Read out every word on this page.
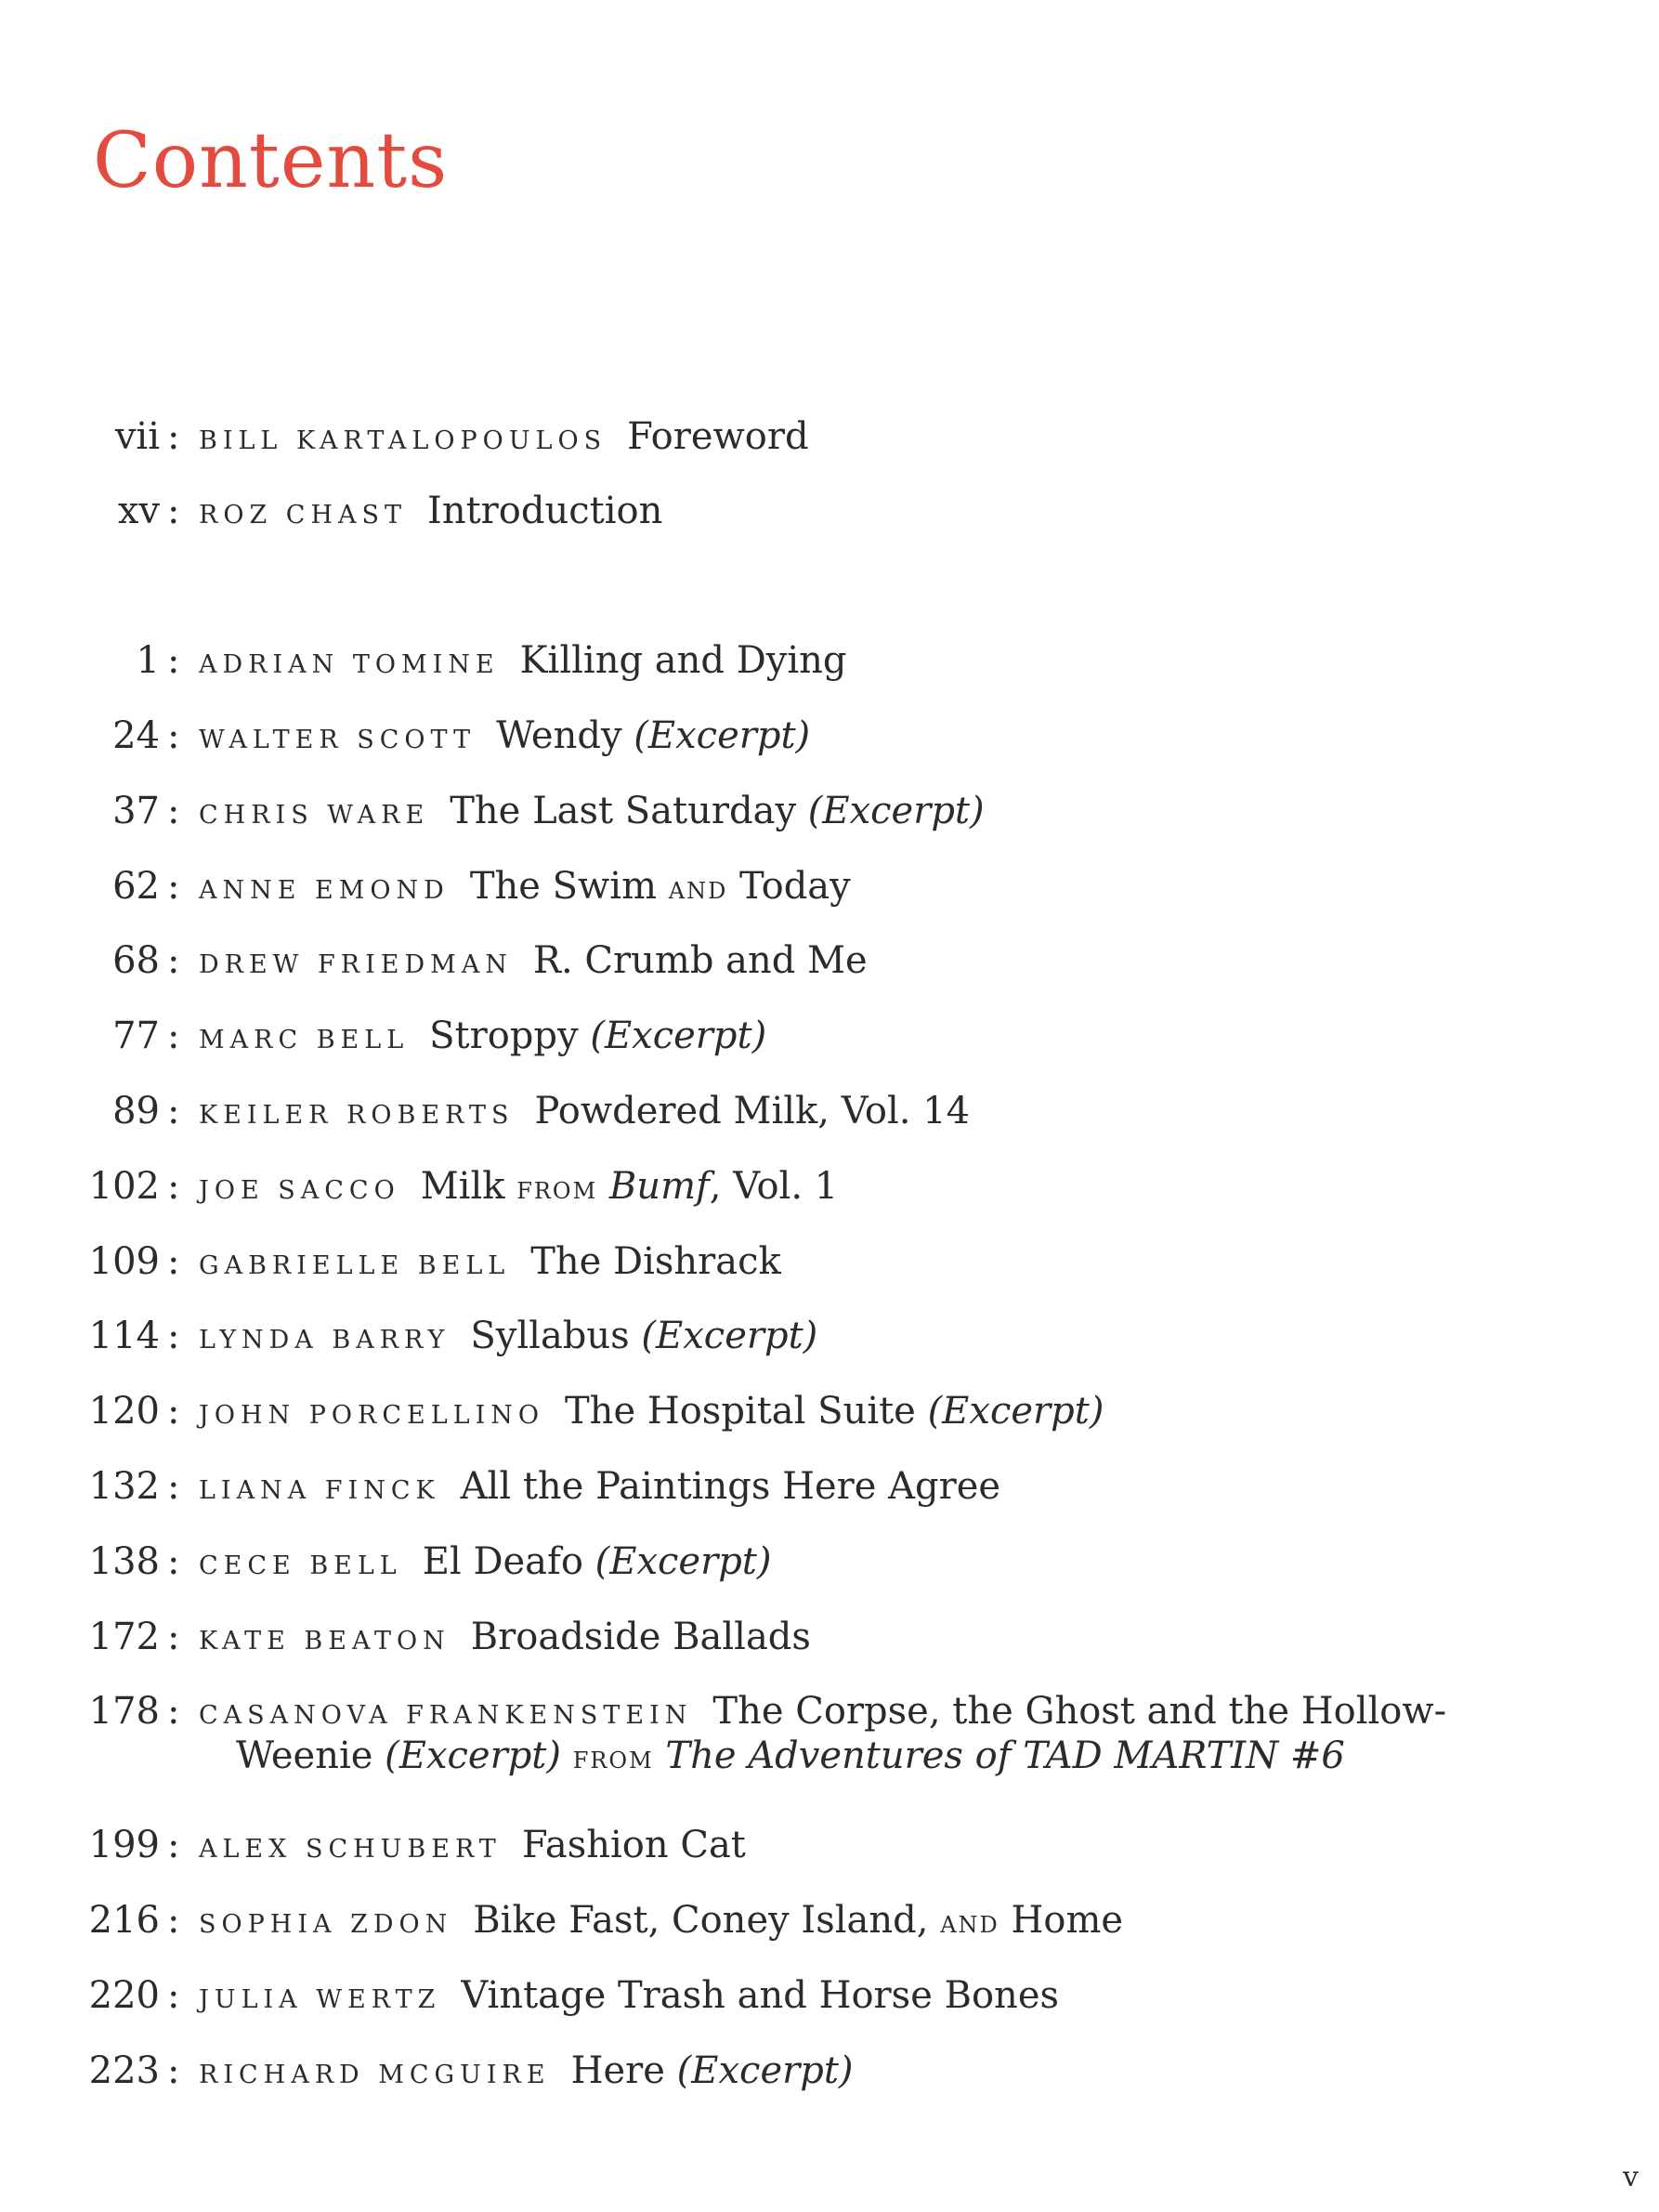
Contents
vii : BILL KARTALOPOULOS Foreword
xv : ROZ CHAST Introduction
1 : ADRIAN TOMINE Killing and Dying
24 : WALTER SCOTT Wendy (Excerpt)
37 : CHRIS WARE The Last Saturday (Excerpt)
62 : ANNE EMOND The Swim AND Today
68 : DREW FRIEDMAN R. Crumb and Me
77 : MARC BELL Stroppy (Excerpt)
89 : KEILER ROBERTS Powdered Milk, Vol. 14
102 : JOE SACCO Milk FROM Bumf, Vol. 1
109 : GABRIELLE BELL The Dishrack
114 : LYNDA BARRY Syllabus (Excerpt)
120 : JOHN PORCELLINO The Hospital Suite (Excerpt)
132 : LIANA FINCK All the Paintings Here Agree
138 : CECE BELL El Deafo (Excerpt)
172 : KATE BEATON Broadside Ballads
178 : CASANOVA FRANKENSTEIN The Corpse, the Ghost and the Hollow-
Weenie (Excerpt) FROM The Adventures of TAD MARTIN #6
199 : ALEX SCHUBERT Fashion Cat
216 : SOPHIA ZDON Bike Fast, Coney Island, AND Home
220 : JULIA WERTZ Vintage Trash and Horse Bones
223 : RICHARD MCGUIRE Here (Excerpt)
v
